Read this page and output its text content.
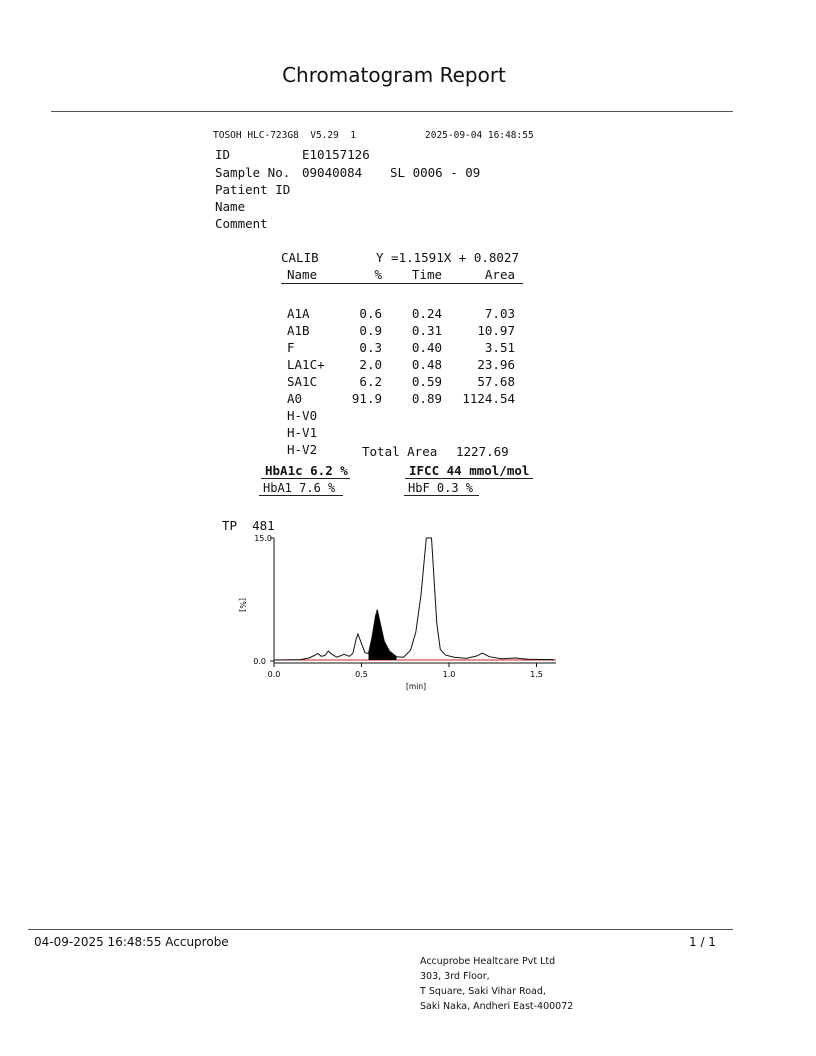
Chromatogram Report
TOSOH HLC-723G8  V5.29  1	2025-09-04 16:48:55
ID	E10157126
Sample No. 09040084 SL 0006 - 09
Patient ID
Name
Comment
CALIB	Y =1.1591X + 0.8027
Name	%	Time	Area

A1A	0.6	0.24	7.03
A1B	0.9	0.31	10.97
F	0.3	0.40	3.51
LA1C+	2.0	0.48	23.96
SA1C	6.2	0.59	57.68
A0	91.9	0.89	1124.54
H-V0			
H-V1			
H-V2				Total Area 1227.69
HbA1c 6.2 %	IFCC 44 mmol/mol
HbA1 7.6 %	HbF 0.3 %
TP  481
15.0
0.0
[%]
0.0	0.5	1.0	1.5
[min]
04-09-2025 16:48:55 Accuprobe	1 / 1
Accuprobe Healtcare Pvt Ltd
303, 3rd Floor,
T Square, Saki Vihar Road,
Saki Naka, Andheri East-400072
